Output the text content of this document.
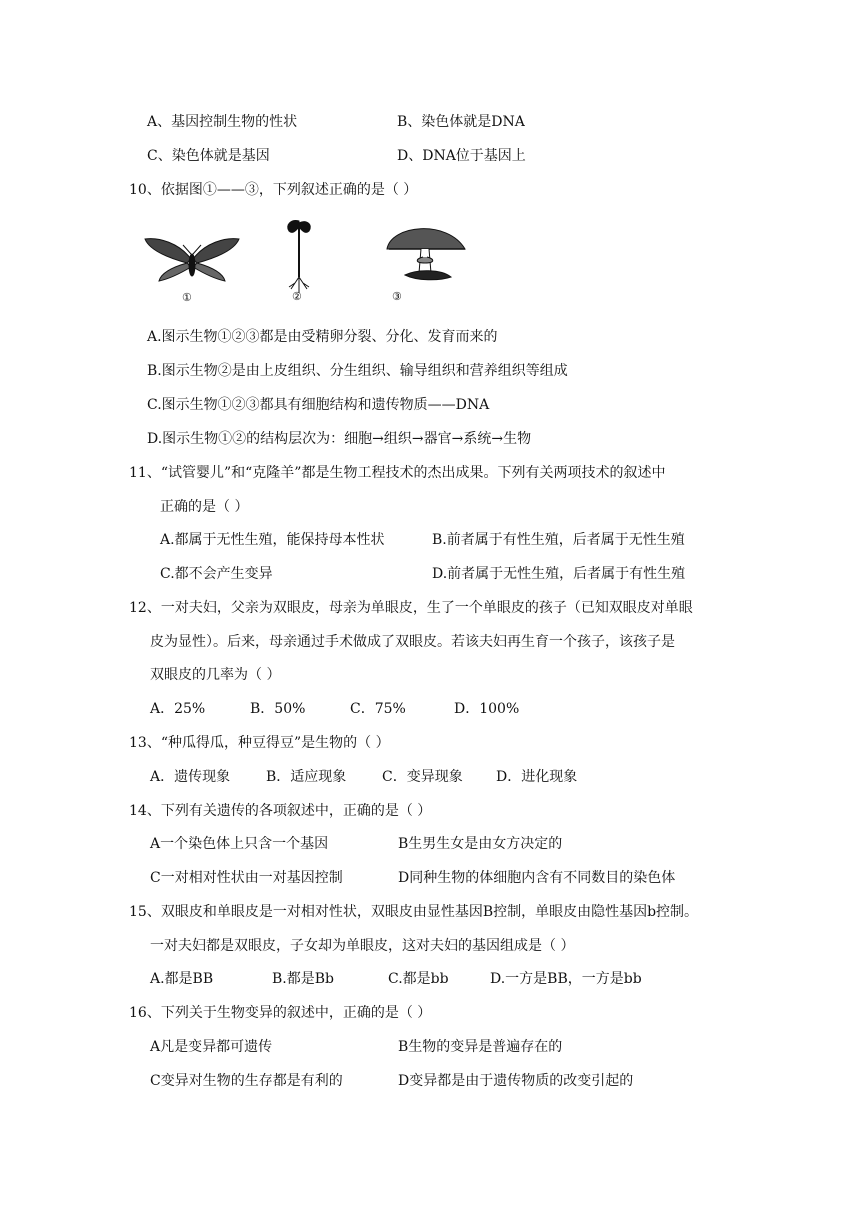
A、基因控制生物的性状	B、染色体就是DNA
C、染色体就是基因	D、DNA位于基因上
10、依据图①——③，下列叙述正确的是（ ）
①	②	③
A.图示生物①②③都是由受精卵分裂、分化、发育而来的
B.图示生物②是由上皮组织、分生组织、输导组织和营养组织等组成
C.图示生物①②③都具有细胞结构和遗传物质——DNA
D.图示生物①②的结构层次为：细胞→组织→器官→系统→生物
11、“试管婴儿”和“克隆羊”都是生物工程技术的杰出成果。下列有关两项技术的叙述中
正确的是（ ）
A.都属于无性生殖，能保持母本性状	B.前者属于有性生殖，后者属于无性生殖
C.都不会产生变异	D.前者属于无性生殖，后者属于有性生殖
12、一对夫妇，父亲为双眼皮，母亲为单眼皮，生了一个单眼皮的孩子（已知双眼皮对单眼
皮为显性）。后来，母亲通过手术做成了双眼皮。若该夫妇再生育一个孩子，该孩子是
双眼皮的几率为（ ）
A．25%	B．50%	C．75%	D．100%
13、“种瓜得瓜，种豆得豆”是生物的（ ）
A．遗传现象	B．适应现象	C．变异现象 D．进化现象
14、下列有关遗传的各项叙述中，正确的是（ ）
A一个染色体上只含一个基因	B生男生女是由女方决定的
C一对相对性状由一对基因控制	D同种生物的体细胞内含有不同数目的染色体
15、双眼皮和单眼皮是一对相对性状，双眼皮由显性基因B控制，单眼皮由隐性基因b控制。
一对夫妇都是双眼皮，子女却为单眼皮，这对夫妇的基因组成是（ ）
A.都是BB	B.都是Bb	C.都是bb	D.一方是BB，一方是bb
16、下列关于生物变异的叙述中，正确的是（ ）
A凡是变异都可遗传	B生物的变异是普遍存在的
C变异对生物的生存都是有利的	D变异都是由于遗传物质的改变引起的
